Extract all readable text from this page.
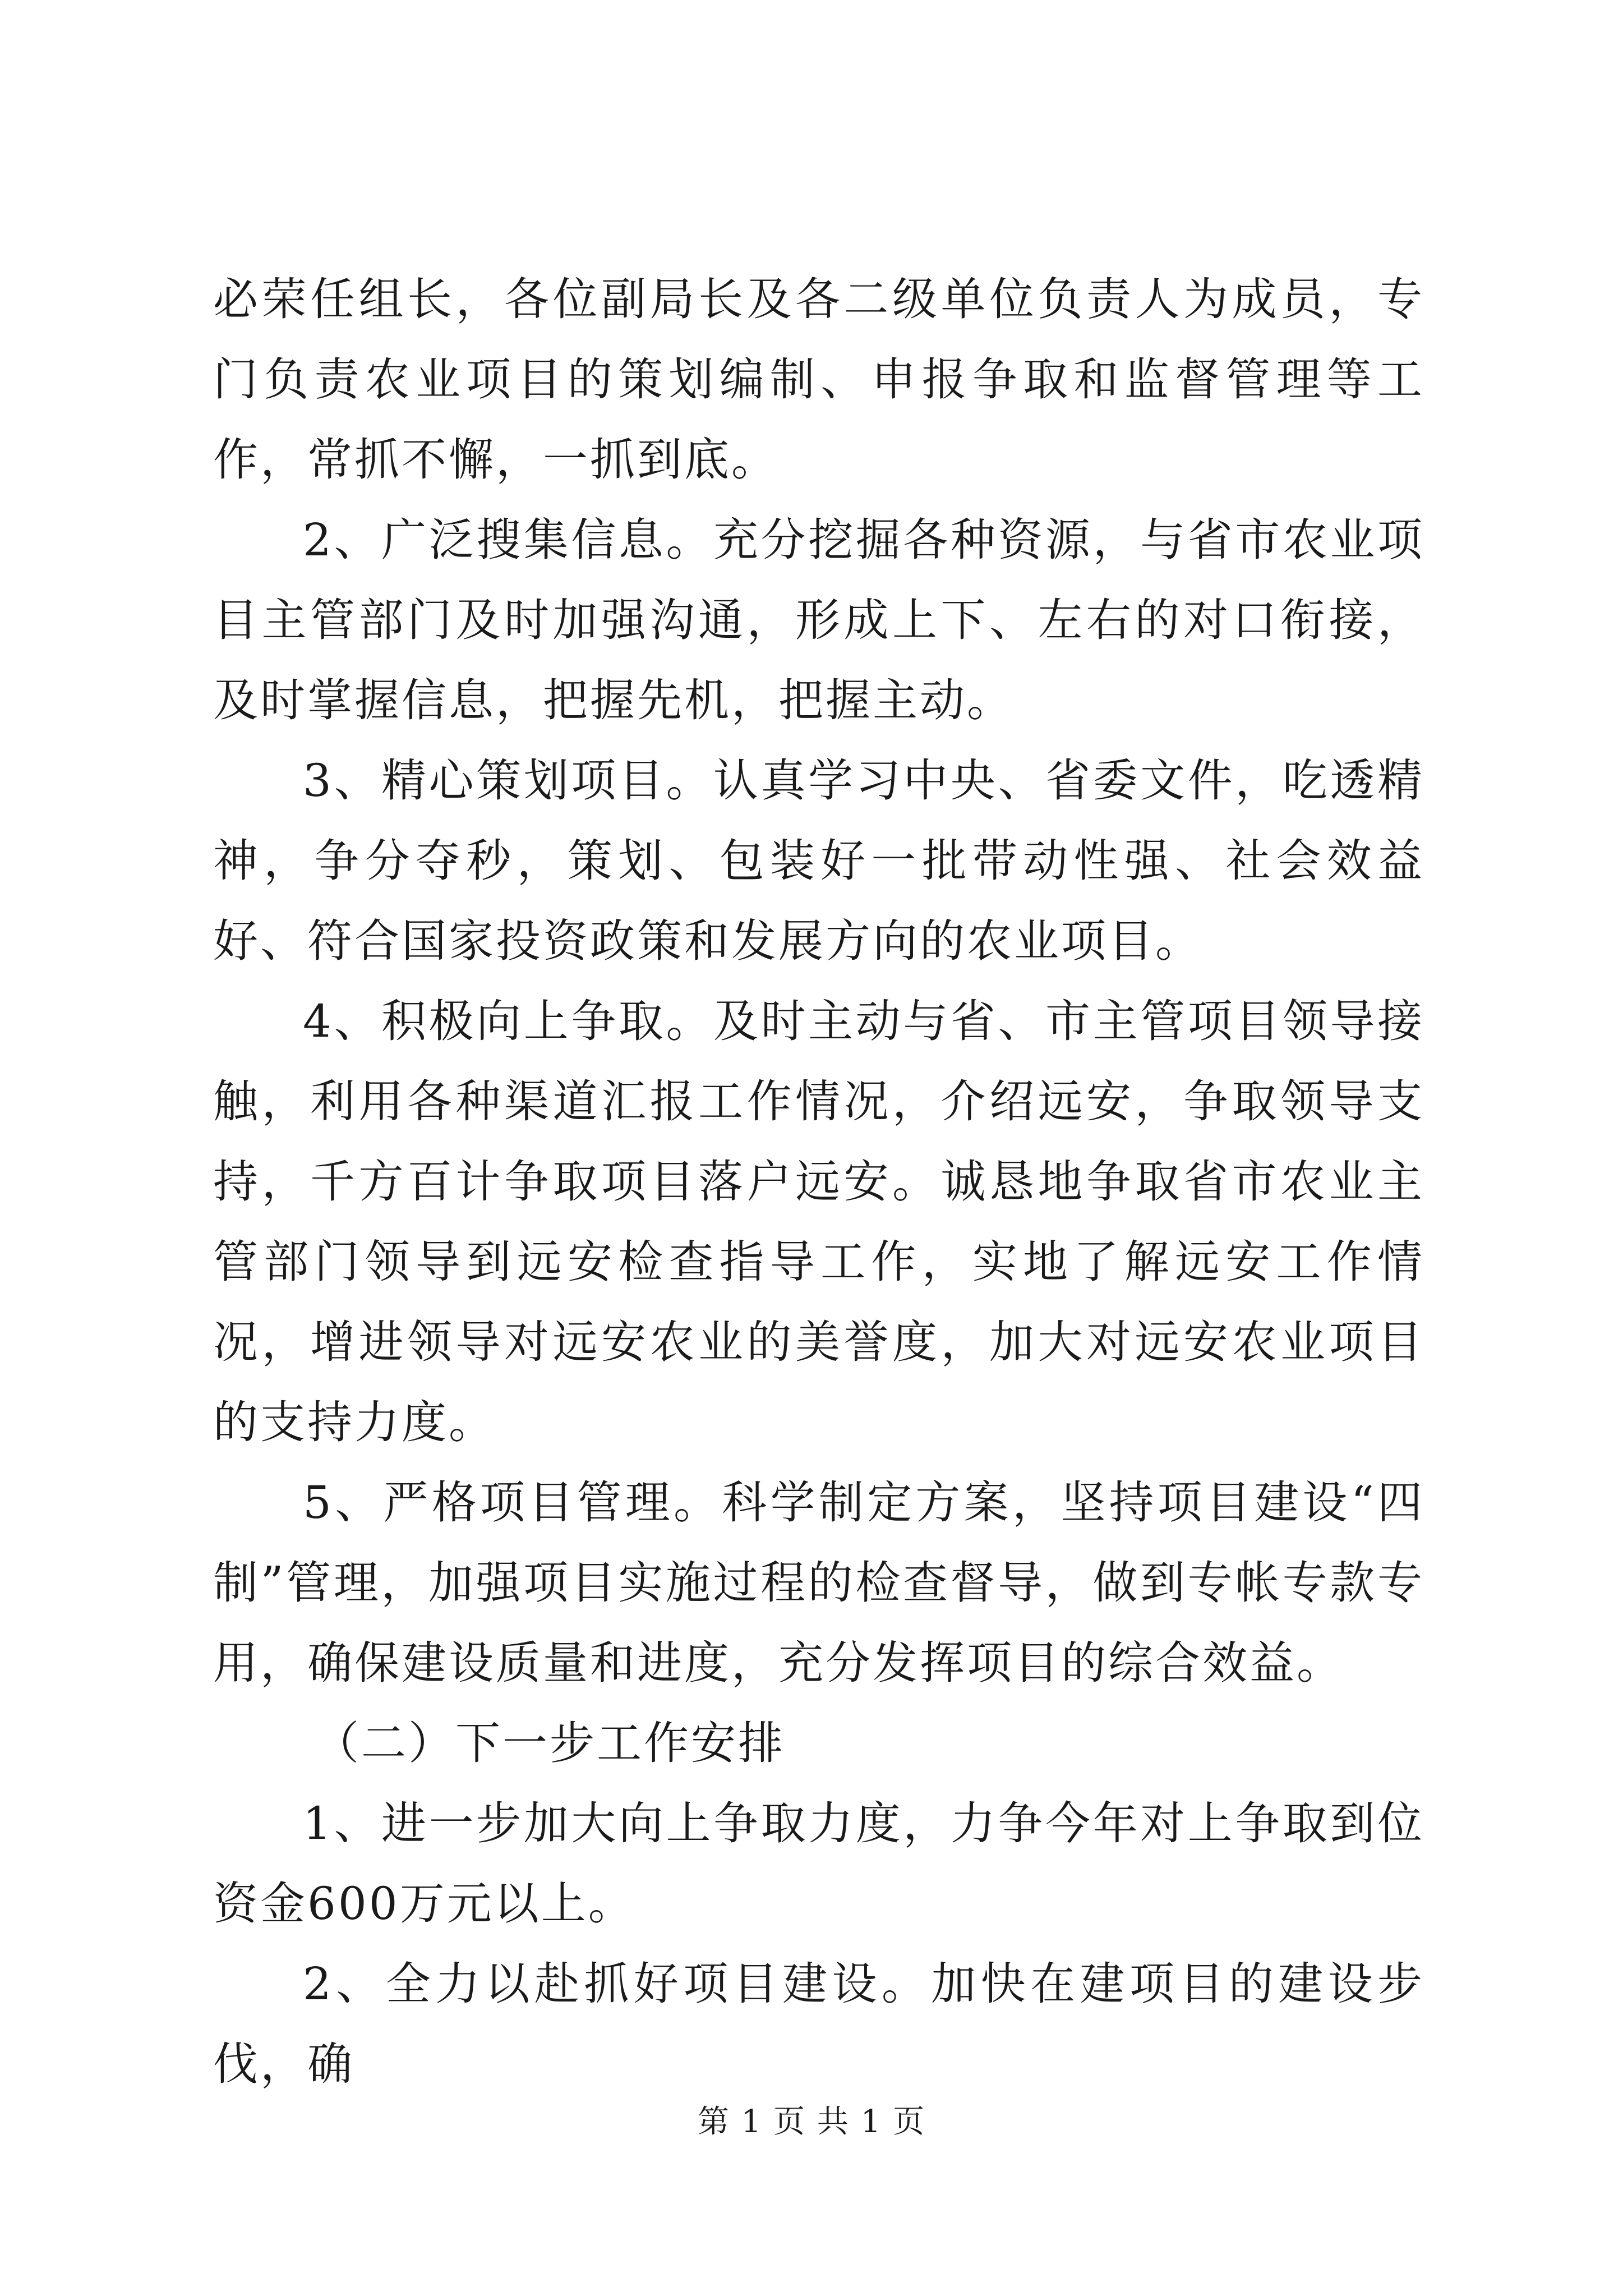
必荣任组长，各位副局长及各二级单位负责人为成员，专门负责农业项目的策划编制、申报争取和监督管理等工作，常抓不懈，一抓到底。

2、广泛搜集信息。充分挖掘各种资源，与省市农业项目主管部门及时加强沟通，形成上下、左右的对口衔接，及时掌握信息，把握先机，把握主动。

3、精心策划项目。认真学习中央、省委文件，吃透精神，争分夺秒，策划、包装好一批带动性强、社会效益好、符合国家投资政策和发展方向的农业项目。

4、积极向上争取。及时主动与省、市主管项目领导接触，利用各种渠道汇报工作情况，介绍远安，争取领导支持，千方百计争取项目落户远安。诚恳地争取省市农业主管部门领导到远安检查指导工作，实地了解远安工作情况，增进领导对远安农业的美誉度，加大对远安农业项目的支持力度。

5、严格项目管理。科学制定方案，坚持项目建设“四制”管理，加强项目实施过程的检查督导，做到专帐专款专用，确保建设质量和进度，充分发挥项目的综合效益。

（二）下一步工作安排

1、进一步加大向上争取力度，力争今年对上争取到位资金600万元以上。

2、全力以赴抓好项目建设。加快在建项目的建设步伐，确

第 1 页 共 1 页
